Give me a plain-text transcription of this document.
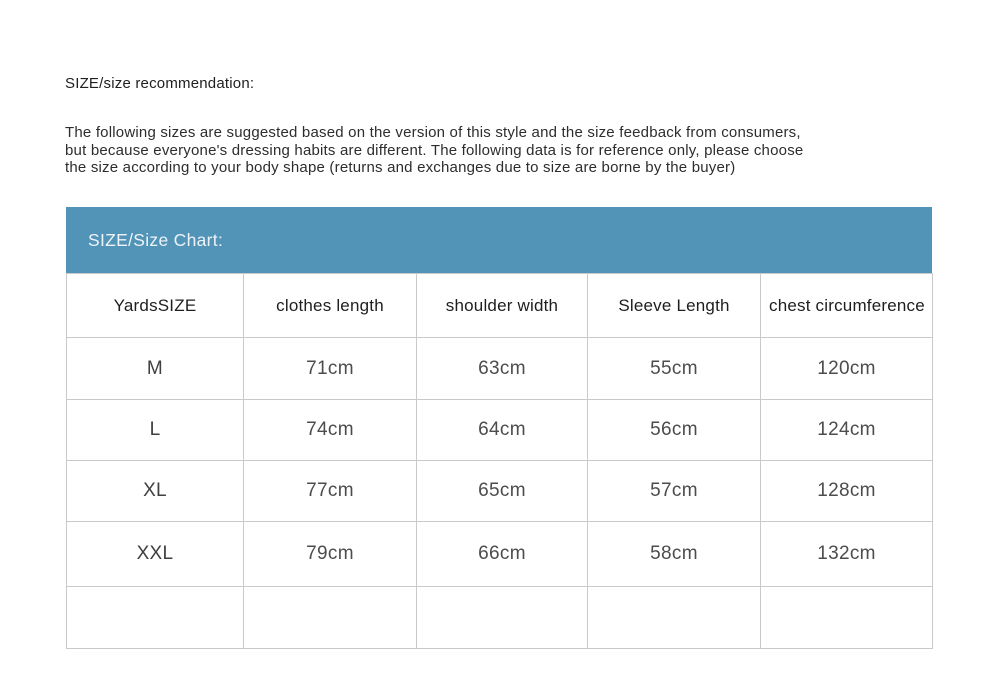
SIZE/size recommendation:
The following sizes are suggested based on the version of this style and the size feedback from consumers,
but because everyone's dressing habits are different. The following data is for reference only, please choose
the size according to your body shape (returns and exchanges due to size are borne by the buyer)
SIZE/Size Chart:
YardsSIZE	clothes length	shoulder width	Sleeve Length	chest circumference
M	71cm	63cm	55cm	120cm
L	74cm	64cm	56cm	124cm
XL	77cm	65cm	57cm	128cm
XXL	79cm	66cm	58cm	132cm
